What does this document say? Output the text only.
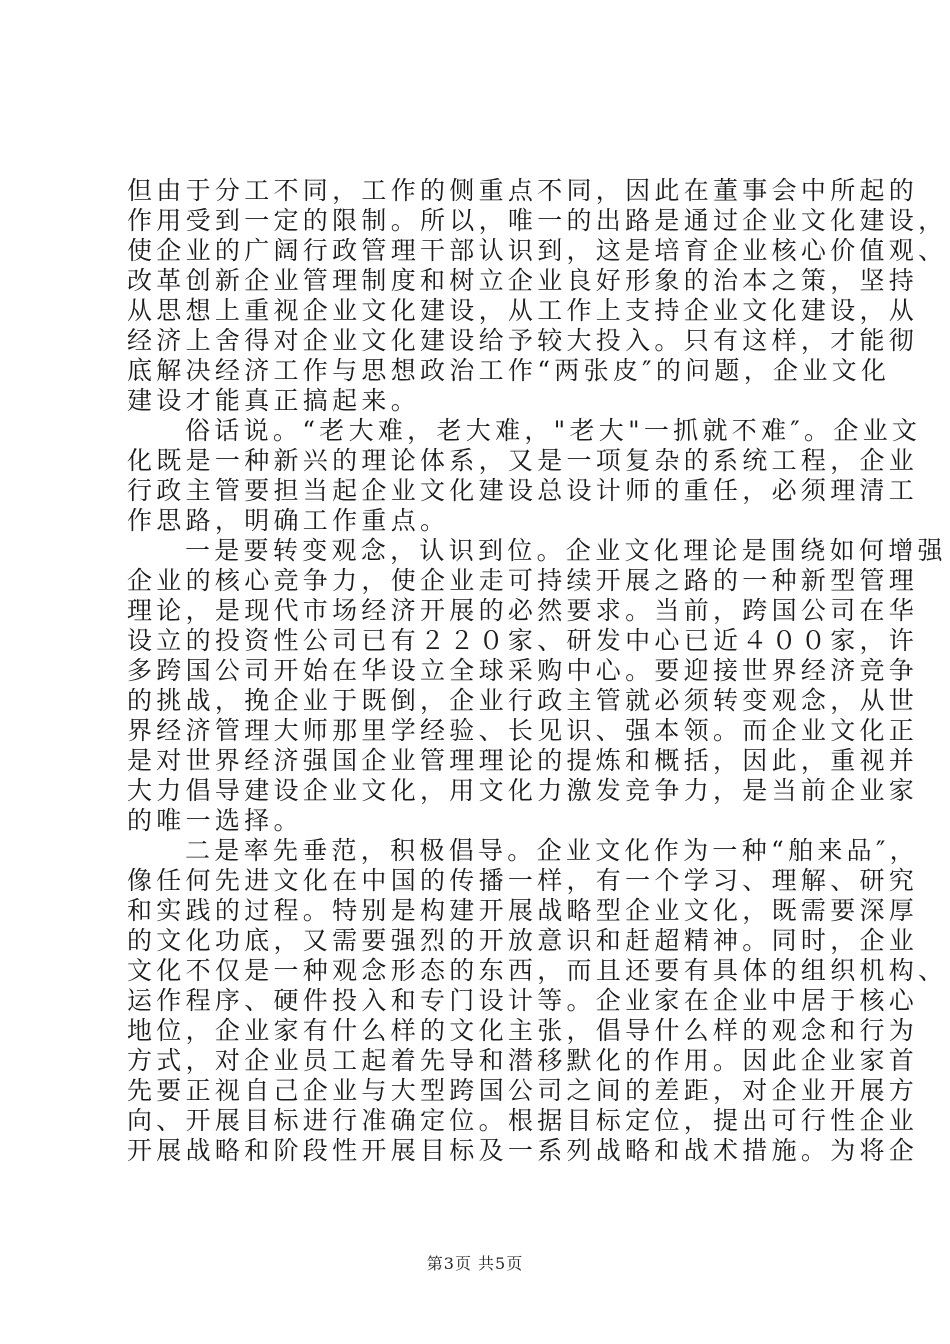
但由于分工不同，工作的侧重点不同，因此在董事会中所起的
作用受到一定的限制。所以，唯一的出路是通过企业文化建设，
使企业的广阔行政管理干部认识到，这是培育企业核心价值观、
改革创新企业管理制度和树立企业良好形象的治本之策，坚持
从思想上重视企业文化建设，从工作上支持企业文化建设，从
经济上舍得对企业文化建设给予较大投入。只有这样，才能彻
底解决经济工作与思想政治工作“两张皮″的问题，企业文化
建设才能真正搞起来。
俗话说。“老大难，老大难，"老大"一抓就不难″。企业文
化既是一种新兴的理论体系，又是一项复杂的系统工程，企业
行政主管要担当起企业文化建设总设计师的重任，必须理清工
作思路，明确工作重点。
一是要转变观念，认识到位。企业文化理论是围绕如何增强
企业的核心竞争力，使企业走可持续开展之路的一种新型管理
理论，是现代市场经济开展的必然要求。当前，跨国公司在华
设立的投资性公司已有２２０家、研发中心已近４００家，许
多跨国公司开始在华设立全球采购中心。要迎接世界经济竞争
的挑战，挽企业于既倒，企业行政主管就必须转变观念，从世
界经济管理大师那里学经验、长见识、强本领。而企业文化正
是对世界经济强国企业管理理论的提炼和概括，因此，重视并
大力倡导建设企业文化，用文化力激发竞争力，是当前企业家
的唯一选择。
二是率先垂范，积极倡导。企业文化作为一种“舶来品″，
像任何先进文化在中国的传播一样，有一个学习、理解、研究
和实践的过程。特别是构建开展战略型企业文化，既需要深厚
的文化功底，又需要强烈的开放意识和赶超精神。同时，企业
文化不仅是一种观念形态的东西，而且还要有具体的组织机构、
运作程序、硬件投入和专门设计等。企业家在企业中居于核心
地位，企业家有什么样的文化主张，倡导什么样的观念和行为
方式，对企业员工起着先导和潜移默化的作用。因此企业家首
先要正视自己企业与大型跨国公司之间的差距，对企业开展方
向、开展目标进行准确定位。根据目标定位，提出可行性企业
开展战略和阶段性开展目标及一系列战略和战术措施。为将企
第3页 共5页
